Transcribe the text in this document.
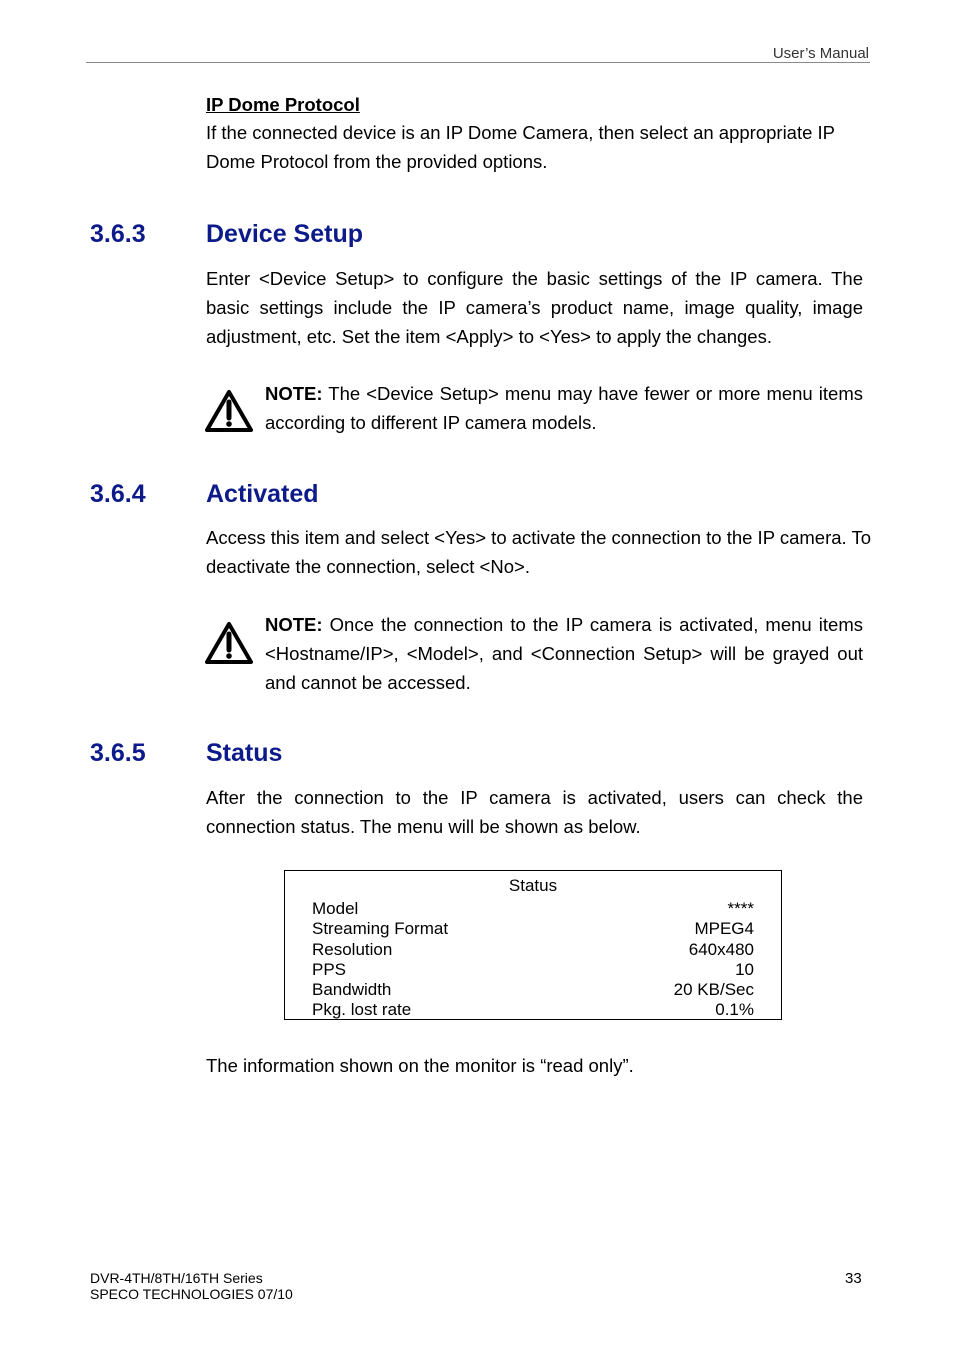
User’s Manual
IP Dome Protocol
If the connected device is an IP Dome Camera, then select an appropriate IP Dome Protocol from the provided options.
3.6.3 Device Setup
Enter <Device Setup> to configure the basic settings of the IP camera. The basic settings include the IP camera’s product name, image quality, image adjustment, etc. Set the item <Apply> to <Yes> to apply the changes.
NOTE: The <Device Setup> menu may have fewer or more menu items according to different IP camera models.
3.6.4 Activated
Access this item and select <Yes> to activate the connection to the IP camera. To deactivate the connection, select <No>.
NOTE: Once the connection to the IP camera is activated, menu items <Hostname/IP>, <Model>, and <Connection Setup> will be grayed out and cannot be accessed.
3.6.5 Status
After the connection to the IP camera is activated, users can check the connection status. The menu will be shown as below.
Status
Model	****
Streaming Format	MPEG4
Resolution	640x480
PPS	10
Bandwidth	20 KB/Sec
Pkg. lost rate	0.1%
The information shown on the monitor is “read only”.
DVR-4TH/8TH/16TH Series
SPECO TECHNOLOGIES 07/10
33
